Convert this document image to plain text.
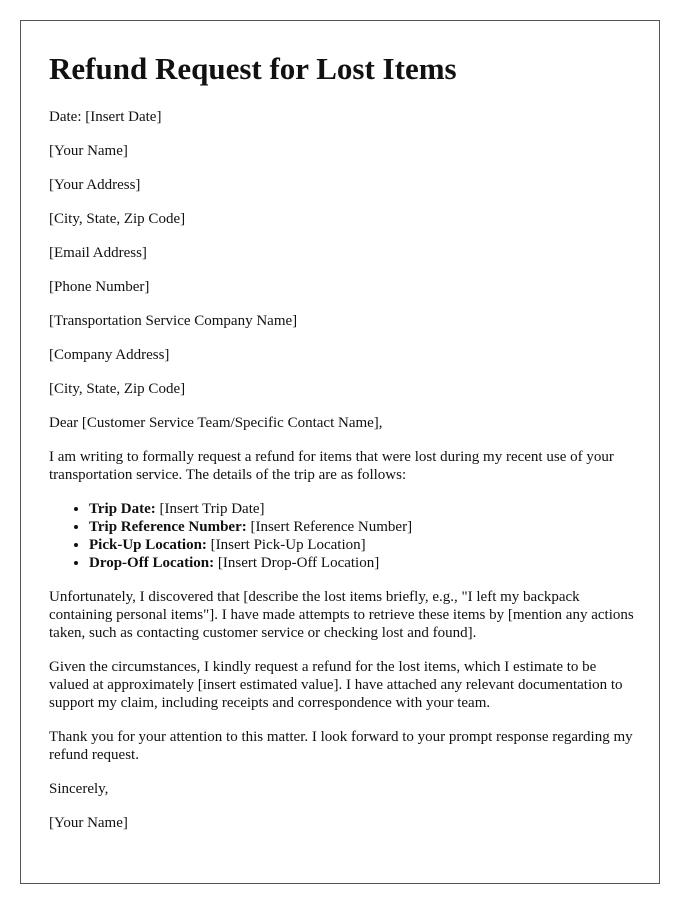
Refund Request for Lost Items

Date: [Insert Date]

[Your Name]

[Your Address]

[City, State, Zip Code]

[Email Address]

[Phone Number]

[Transportation Service Company Name]

[Company Address]

[City, State, Zip Code]

Dear [Customer Service Team/Specific Contact Name],

I am writing to formally request a refund for items that were lost during my recent use of your transportation service. The details of the trip are as follows:

• Trip Date: [Insert Trip Date]
• Trip Reference Number: [Insert Reference Number]
• Pick-Up Location: [Insert Pick-Up Location]
• Drop-Off Location: [Insert Drop-Off Location]

Unfortunately, I discovered that [describe the lost items briefly, e.g., "I left my backpack containing personal items"]. I have made attempts to retrieve these items by [mention any actions taken, such as contacting customer service or checking lost and found].

Given the circumstances, I kindly request a refund for the lost items, which I estimate to be valued at approximately [insert estimated value]. I have attached any relevant documentation to support my claim, including receipts and correspondence with your team.

Thank you for your attention to this matter. I look forward to your prompt response regarding my refund request.

Sincerely,

[Your Name]
